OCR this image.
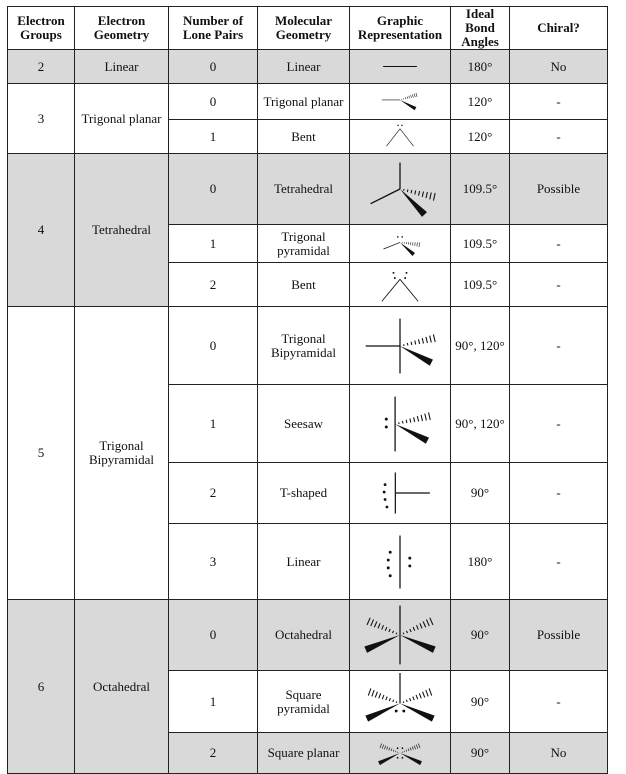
Electron Groups	Electron Geometry	Number of Lone Pairs	Molecular Geometry	Graphic Representation	Ideal Bond Angles	Chiral?
2	Linear	0	Linear		180°	No
3	Trigonal planar	0	Trigonal planar		120°	-
		1	Bent		120°	-
4	Tetrahedral	0	Tetrahedral		109.5°	Possible
		1	Trigonal pyramidal		109.5°	-
		2	Bent		109.5°	-
5	Trigonal Bipyramidal	0	Trigonal Bipyramidal		90°, 120°	-
		1	Seesaw		90°, 120°	-
		2	T-shaped		90°	-
		3	Linear		180°	-
6	Octahedral	0	Octahedral		90°	Possible
		1	Square pyramidal		90°	-
		2	Square planar		90°	No
